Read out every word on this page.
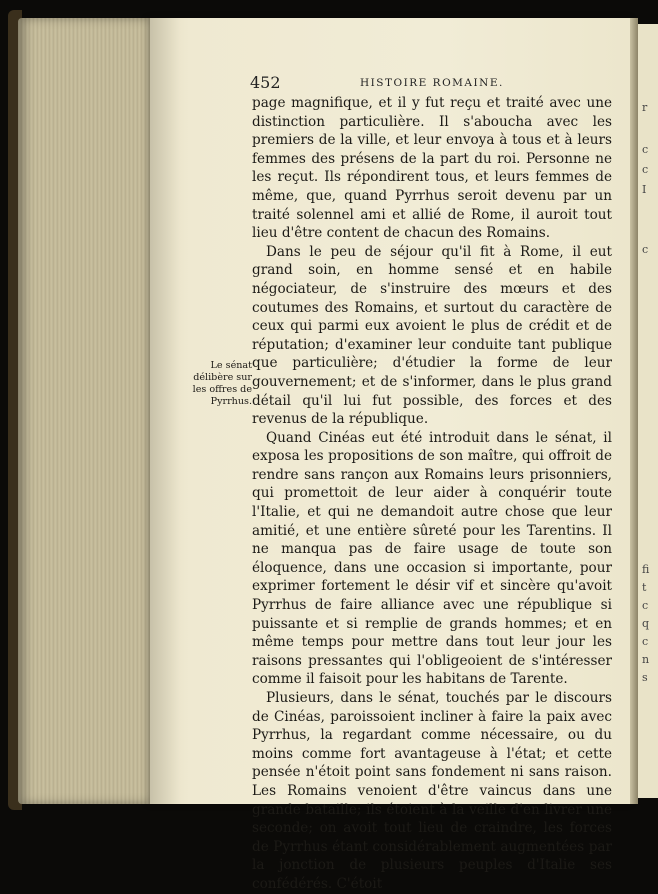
r
c
c
I
c
fi
t
c
q
c
n
s
452	HISTOIRE ROMAINE.
Le sénat délibère sur les offres de Pyrrhus.

page magnifique, et il y fut reçu et traité avec une distinction particulière. Il s'aboucha avec les premiers de la ville, et leur envoya à tous et à leurs femmes des présens de la part du roi. Personne ne les reçut. Ils répondirent tous, et leurs femmes de même, que, quand Pyrrhus seroit devenu par un traité solennel ami et allié de Rome, il auroit tout lieu d'être content de chacun des Romains.

Dans le peu de séjour qu'il fit à Rome, il eut grand soin, en homme sensé et en habile négociateur, de s'instruire des mœurs et des coutumes des Romains, et surtout du caractère de ceux qui parmi eux avoient le plus de crédit et de réputation; d'examiner leur conduite tant publique que particulière; d'étudier la forme de leur gouvernement; et de s'informer, dans le plus grand détail qu'il lui fut possible, des forces et des revenus de la république.

Quand Cinéas eut été introduit dans le sénat, il exposa les propositions de son maître, qui offroit de rendre sans rançon aux Romains leurs prisonniers, qui promettoit de leur aider à conquérir toute l'Italie, et qui ne demandoit autre chose que leur amitié, et une entière sûreté pour les Tarentins. Il ne manqua pas de faire usage de toute son éloquence, dans une occasion si importante, pour exprimer fortement le désir vif et sincère qu'avoit Pyrrhus de faire alliance avec une république si puissante et si remplie de grands hommes; et en même temps pour mettre dans tout leur jour les raisons pressantes qui l'obligeoient de s'intéresser comme il faisoit pour les habitans de Tarente.

Plusieurs, dans le sénat, touchés par le discours de Cinéas, paroissoient incliner à faire la paix avec Pyrrhus, la regardant comme nécessaire, ou du moins comme fort avantageuse à l'état; et cette pensée n'étoit point sans fondement ni sans raison. Les Romains venoient d'être vaincus dans une grande bataille; ils étoient à la veille d'en livrer une seconde; on avoit tout lieu de craindre, les forces de Pyrrhus étant considérablement augmentées par la jonction de plusieurs peuples d'Italie ses confédérés. C'étoit
